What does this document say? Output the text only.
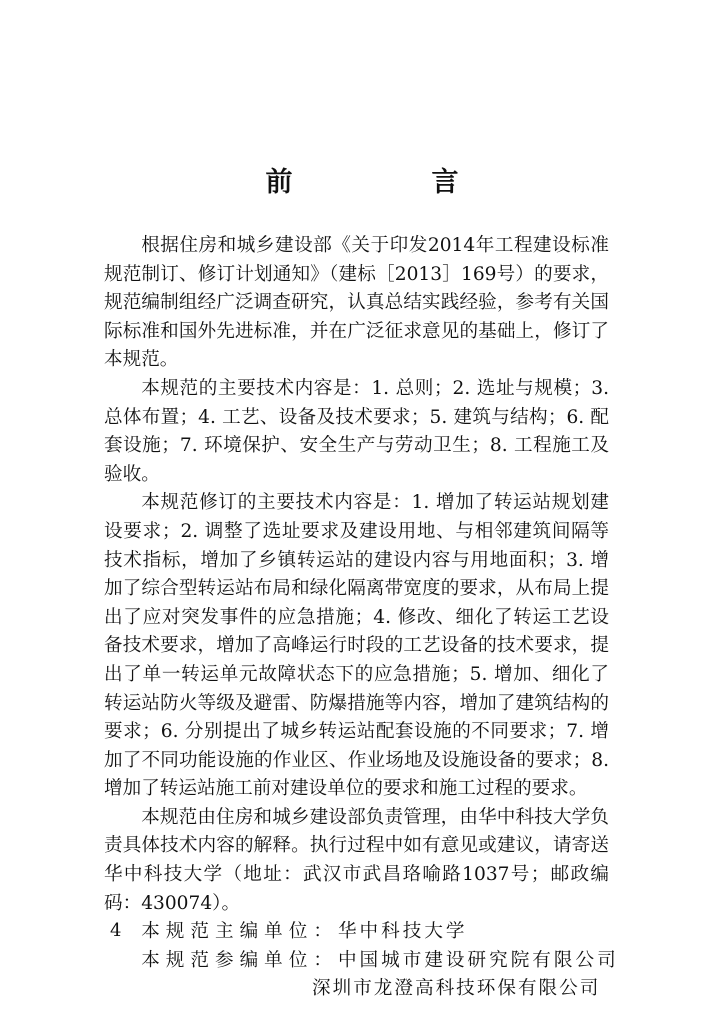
前　言

根据住房和城乡建设部《关于印发2014年工程建设标准规范制订、修订计划通知》（建标［2013］169号）的要求，规范编制组经广泛调查研究，认真总结实践经验，参考有关国际标准和国外先进标准，并在广泛征求意见的基础上，修订了本规范。

本规范的主要技术内容是：1. 总则；2. 选址与规模；3. 总体布置；4. 工艺、设备及技术要求；5. 建筑与结构；6. 配套设施；7. 环境保护、安全生产与劳动卫生；8. 工程施工及验收。

本规范修订的主要技术内容是：1. 增加了转运站规划建设要求；2. 调整了选址要求及建设用地、与相邻建筑间隔等技术指标，增加了乡镇转运站的建设内容与用地面积；3. 增加了综合型转运站布局和绿化隔离带宽度的要求，从布局上提出了应对突发事件的应急措施；4. 修改、细化了转运工艺设备技术要求，增加了高峰运行时段的工艺设备的技术要求，提出了单一转运单元故障状态下的应急措施；5. 增加、细化了转运站防火等级及避雷、防爆措施等内容，增加了建筑结构的要求；6. 分别提出了城乡转运站配套设施的不同要求；7. 增加了不同功能设施的作业区、作业场地及设施设备的要求；8. 增加了转运站施工前对建设单位的要求和施工过程的要求。

本规范由住房和城乡建设部负责管理，由华中科技大学负责具体技术内容的解释。执行过程中如有意见或建议，请寄送华中科技大学（地址：武汉市武昌珞喻路1037号；邮政编码：430074）。

本规范主编单位：华中科技大学

本规范参编单位：中国城市建设研究院有限公司

深圳市龙澄高科技环保有限公司

4
